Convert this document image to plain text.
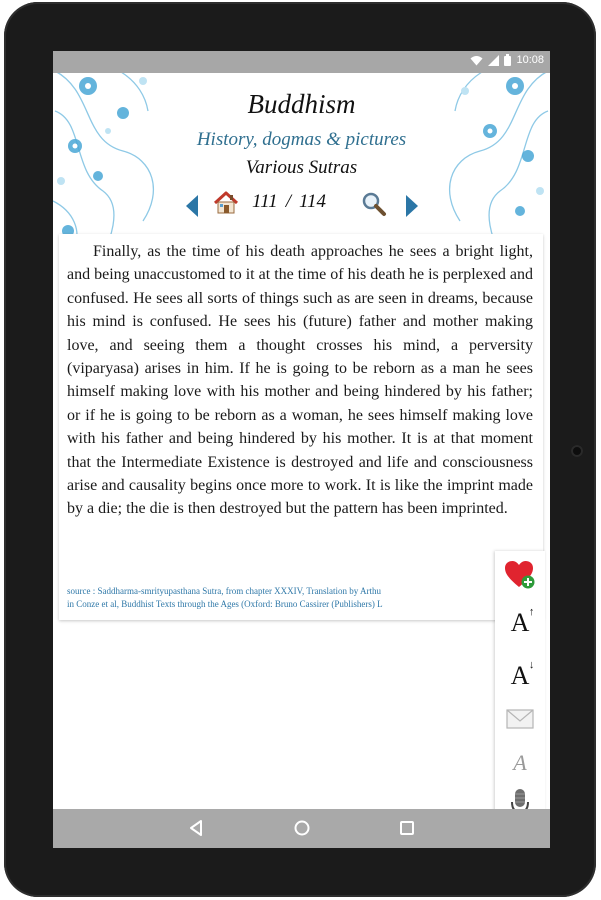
10:08
Buddhism
History, dogmas & pictures
Various Sutras
111 / 114

Finally, as the time of his death approaches he sees a bright light, and being unaccustomed to it at the time of his death he is perplexed and confused. He sees all sorts of things such as are seen in dreams, because his mind is confused. He sees his (future) father and mother making love, and seeing them a thought crosses his mind, a perversity (viparyasa) arises in him. If he is going to be reborn as a man he sees himself making love with his mother and being hindered by his father; or if he is going to be reborn as a woman, he sees himself making love with his father and being hindered by his mother. It is at that moment that the Intermediate Existence is destroyed and life and consciousness arise and causality begins once more to work. It is like the imprint made by a die; the die is then destroyed but the pattern has been imprinted.

source : Saddharma-smrityupasthana Sutra, from chapter XXXIV, Translation by Arthu
in Conze et al, Buddhist Texts through the Ages (Oxford: Bruno Cassirer (Publishers) L
A ↑
A ↓
A
